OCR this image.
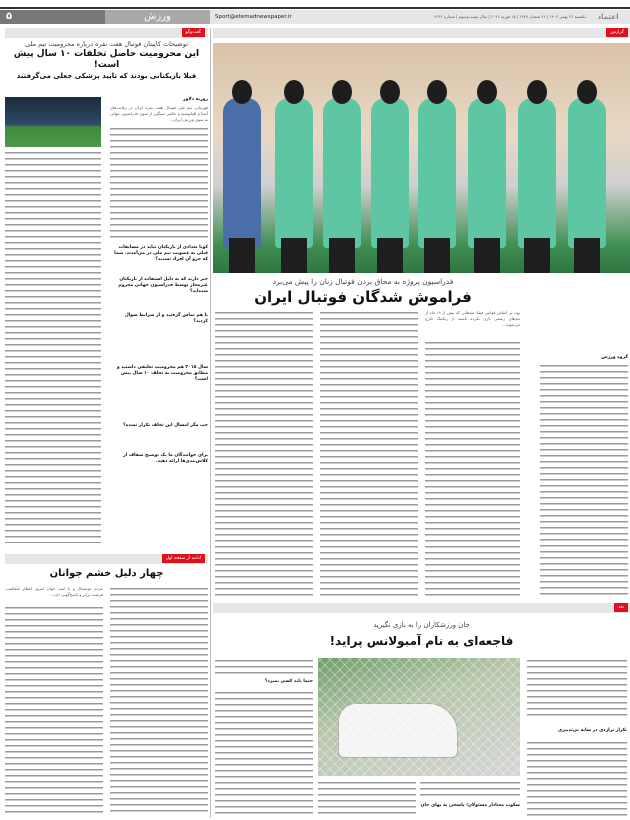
۵	ورزش	Sport@etemadnewspaper.ir	یکشنبه ۲۶ بهمن ۱۴۰۴ | ۲۶ شعبان ۱۴۴۷ | ۱۵ فوریه ۲۰۲۶ | سال بیست‌وسوم | شماره ۶۲۶۲	اعتماد
گفت‌وگو
توضیحات کاپیتان فوتبال هفت نفره درباره محرومیت تیم ملی
این محرومیت حاصل تخلفات ۱۰ سال پیش است!
قبلا بازیکنانی بودند که تایید پزشکی جعلی می‌گرفتند
روزبه دلاور
قهرمانی تیم ملی فوتبال هفت نفره ایران در رقابت‌های آسیا و اقیانوسیه و حکمی سنگین از سوی فدراسیون جهانی به سوی ورزش ایران...
کویا تعدادی از بازیکنان نباید در مسابقات قبلی به عضویت تیم ملی در می‌آمدند. شما که جزو آن افراد نشدید؟
خبر دارید که به دلیل استفاده از بازیکنان غیرمجاز توسط فدراسیون جهانی محروم شده‌اید؟
با هم تماس گرفتید و از شرایط سوال کردید؟
سال ۲۰۱۵ هم محرومیت تعلیقی داشتید و مطابق محرومیت به تخلف ۱۰ سال پیش است؟
خب مگر امسال این تخلف تکرار نشده؟
برای خوانندگان ما یک توضیح شفاف از کلاس‌بندی‌ها ارائه دهید.
ادامه از صفحه اول
چهار دلیل خشم جوانان
مردم خوشحال و با امید، جوان امروز انتظار شفافیت، فرصت برابر و پاسخ‌گویی دارد...
گزارش
فدراسیون پروژه به محاق بردن فوتبال زنان را پیش می‌برد
فراموش شدگان فوتبال ایران
گروه ورزش
بود، بر اساس قوانین فیفا، تیم‌هایی که بیش از ۱۸ ماه از تیم‌های رسمی بازی نکرده باشند از رنکینگ خارج می‌شوند...
نقد
جان ورزشکاران را به بازی نگیرید
فاجعه‌ای به نام آمبولانس پراید!
تکرار تراژدی در سایه بی‌تدبیری
سکوت معنادار مسئولان؛ پاسخی به بهای جان
حتما باید کسی بمیرد؟
